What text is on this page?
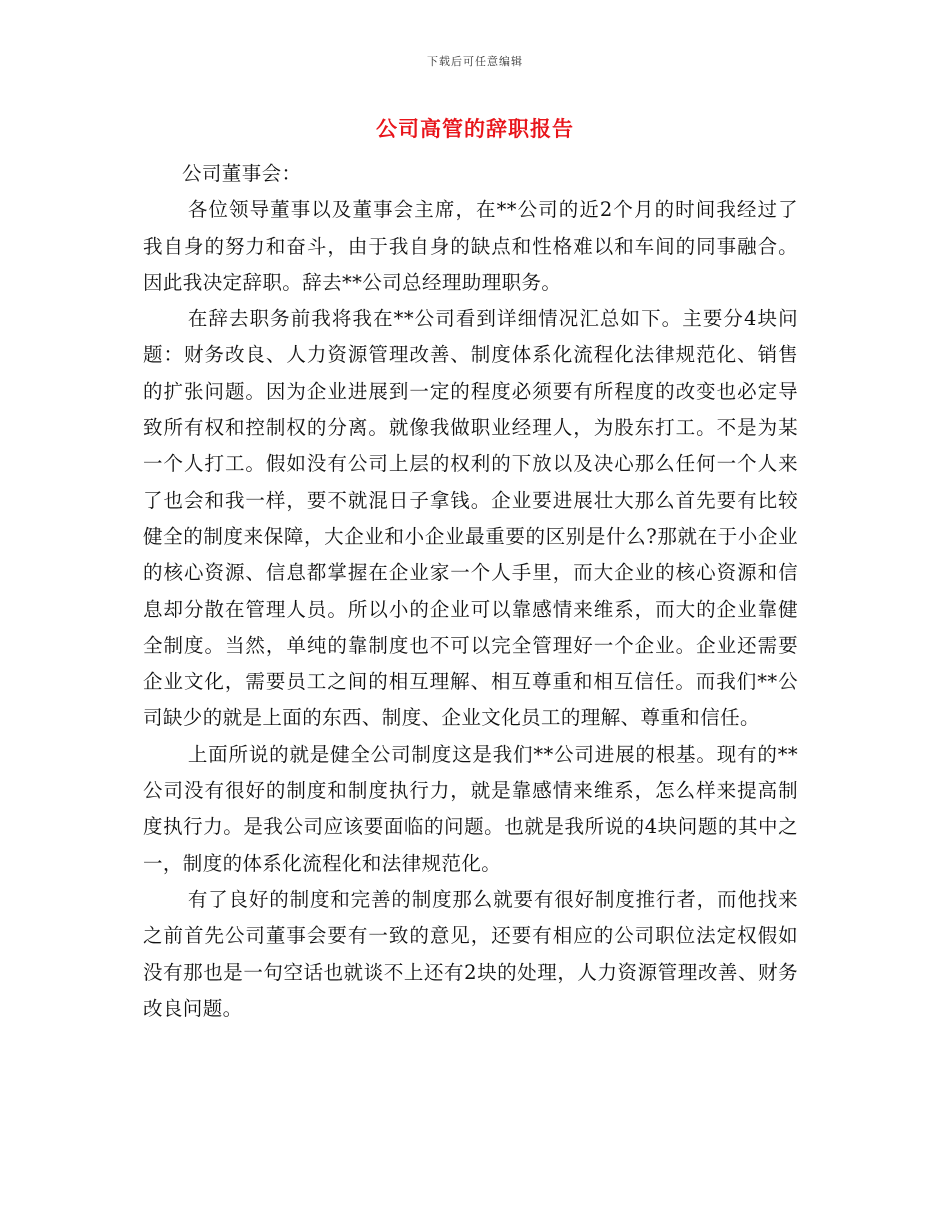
下载后可任意编辑
公司高管的辞职报告

公司董事会：

各位领导董事以及董事会主席，在**公司的近2个月的时间我经过了我自身的努力和奋斗，由于我自身的缺点和性格难以和车间的同事融合。因此我决定辞职。辞去**公司总经理助理职务。

在辞去职务前我将我在**公司看到详细情况汇总如下。主要分4块问题：财务改良、人力资源管理改善、制度体系化流程化法律规范化、销售的扩张问题。因为企业进展到一定的程度必须要有所程度的改变也必定导致所有权和控制权的分离。就像我做职业经理人，为股东打工。不是为某一个人打工。假如没有公司上层的权利的下放以及决心那么任何一个人来了也会和我一样，要不就混日子拿钱。企业要进展壮大那么首先要有比较健全的制度来保障，大企业和小企业最重要的区别是什么?那就在于小企业的核心资源、信息都掌握在企业家一个人手里，而大企业的核心资源和信息却分散在管理人员。所以小的企业可以靠感情来维系，而大的企业靠健全制度。当然，单纯的靠制度也不可以完全管理好一个企业。企业还需要企业文化，需要员工之间的相互理解、相互尊重和相互信任。而我们**公司缺少的就是上面的东西、制度、企业文化员工的理解、尊重和信任。

上面所说的就是健全公司制度这是我们**公司进展的根基。现有的**公司没有很好的制度和制度执行力，就是靠感情来维系，怎么样来提高制度执行力。是我公司应该要面临的问题。也就是我所说的4块问题的其中之一，制度的体系化流程化和法律规范化。

有了良好的制度和完善的制度那么就要有很好制度推行者，而他找来之前首先公司董事会要有一致的意见，还要有相应的公司职位法定权假如没有那也是一句空话也就谈不上还有2块的处理，人力资源管理改善、财务改良问题。
